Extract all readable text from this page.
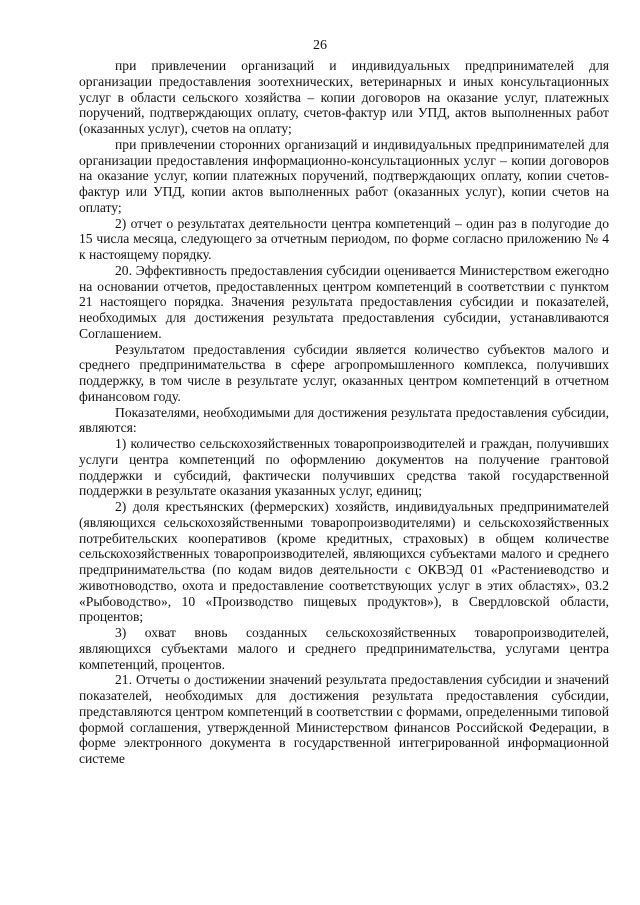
26

при привлечении организаций и индивидуальных предпринимателей для организации предоставления зоотехнических, ветеринарных и иных консультационных услуг в области сельского хозяйства – копии договоров на оказание услуг, платежных поручений, подтверждающих оплату, счетов-фактур или УПД, актов выполненных работ (оказанных услуг), счетов на оплату;

при привлечении сторонних организаций и индивидуальных предпринимателей для организации предоставления информационно-консультационных услуг – копии договоров на оказание услуг, копии платежных поручений, подтверждающих оплату, копии счетов-фактур или УПД, копии актов выполненных работ (оказанных услуг), копии счетов на оплату;

2) отчет о результатах деятельности центра компетенций – один раз в полугодие до 15 числа месяца, следующего за отчетным периодом, по форме согласно приложению № 4 к настоящему порядку.

20. Эффективность предоставления субсидии оценивается Министерством ежегодно на основании отчетов, предоставленных центром компетенций в соответствии с пунктом 21 настоящего порядка. Значения результата предоставления субсидии и показателей, необходимых для достижения результата предоставления субсидии, устанавливаются Соглашением.

Результатом предоставления субсидии является количество субъектов малого и среднего предпринимательства в сфере агропромышленного комплекса, получивших поддержку, в том числе в результате услуг, оказанных центром компетенций в отчетном финансовом году.

Показателями, необходимыми для достижения результата предоставления субсидии, являются:

1) количество сельскохозяйственных товаропроизводителей и граждан, получивших услуги центра компетенций по оформлению документов на получение грантовой поддержки и субсидий, фактически получивших средства такой государственной поддержки в результате оказания указанных услуг, единиц;

2) доля крестьянских (фермерских) хозяйств, индивидуальных предпринимателей (являющихся сельскохозяйственными товаропроизводителями) и сельскохозяйственных потребительских кооперативов (кроме кредитных, страховых) в общем количестве сельскохозяйственных товаропроизводителей, являющихся субъектами малого и среднего предпринимательства (по кодам видов деятельности с ОКВЭД 01 «Растениеводство и животноводство, охота и предоставление соответствующих услуг в этих областях», 03.2 «Рыбоводство», 10 «Производство пищевых продуктов»), в Свердловской области, процентов;

3) охват вновь созданных сельскохозяйственных товаропроизводителей, являющихся субъектами малого и среднего предпринимательства, услугами центра компетенций, процентов.

21. Отчеты о достижении значений результата предоставления субсидии и значений показателей, необходимых для достижения результата предоставления субсидии, представляются центром компетенций в соответствии с формами, определенными типовой формой соглашения, утвержденной Министерством финансов Российской Федерации, в форме электронного документа в государственной интегрированной информационной системе
